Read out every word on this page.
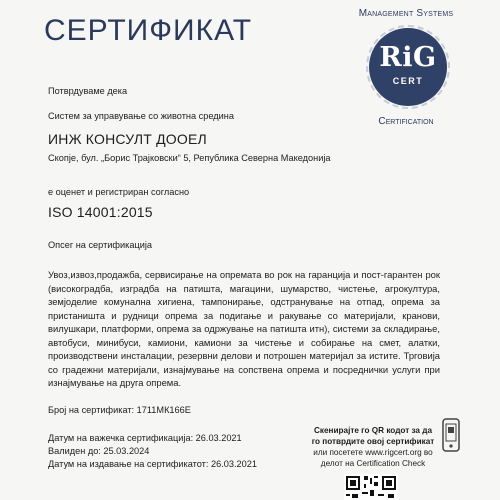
СЕРТИФИКАТ
Management Systems
RiG
CERT
Certification
Потврдуваме дека
Систем за управување со животна средина
ИНЖ КОНСУЛТ ДООЕЛ
Скопје, бул. „Борис Трајковски“ 5, Република Северна Македонија
е оценет и регистриран согласно
ISO 14001:2015
Опсег на сертификација
Увоз,извоз,продажба, сервисирање на опремата во рок на гаранција и пост-гарантен рок (високоградба, изградба на патишта, магацини, шумарство, чистење, агрокултура, земјоделие комунална хигиена, тампонирање, одстранување на отпад, опрема за пристаништа и рудници опрема за подигање и ракување со материјали, кранови, вилушкари, платформи, опрема за одржување на патишта итн), системи за складирање, автобуси, минибуси, камиони, камиони за чистење и собирање на смет, алатки, производствени инсталации, резервни делови и потрошен материјал за истите. Трговија со градежни материјали, изнајмување на сопствена опрема и посреднички услуги при изнајмување на друга опрема.
Број на сертификат: 1711МК166Е
Датум на важечка сертификација: 26.03.2021
Валиден до: 25.03.2024
Датум на издавање на сертификатот: 26.03.2021
Скенирајте го QR кодот за да
го потврдите овој сертификат
или посетете www.rigcert.org во
делот на Certification Check
